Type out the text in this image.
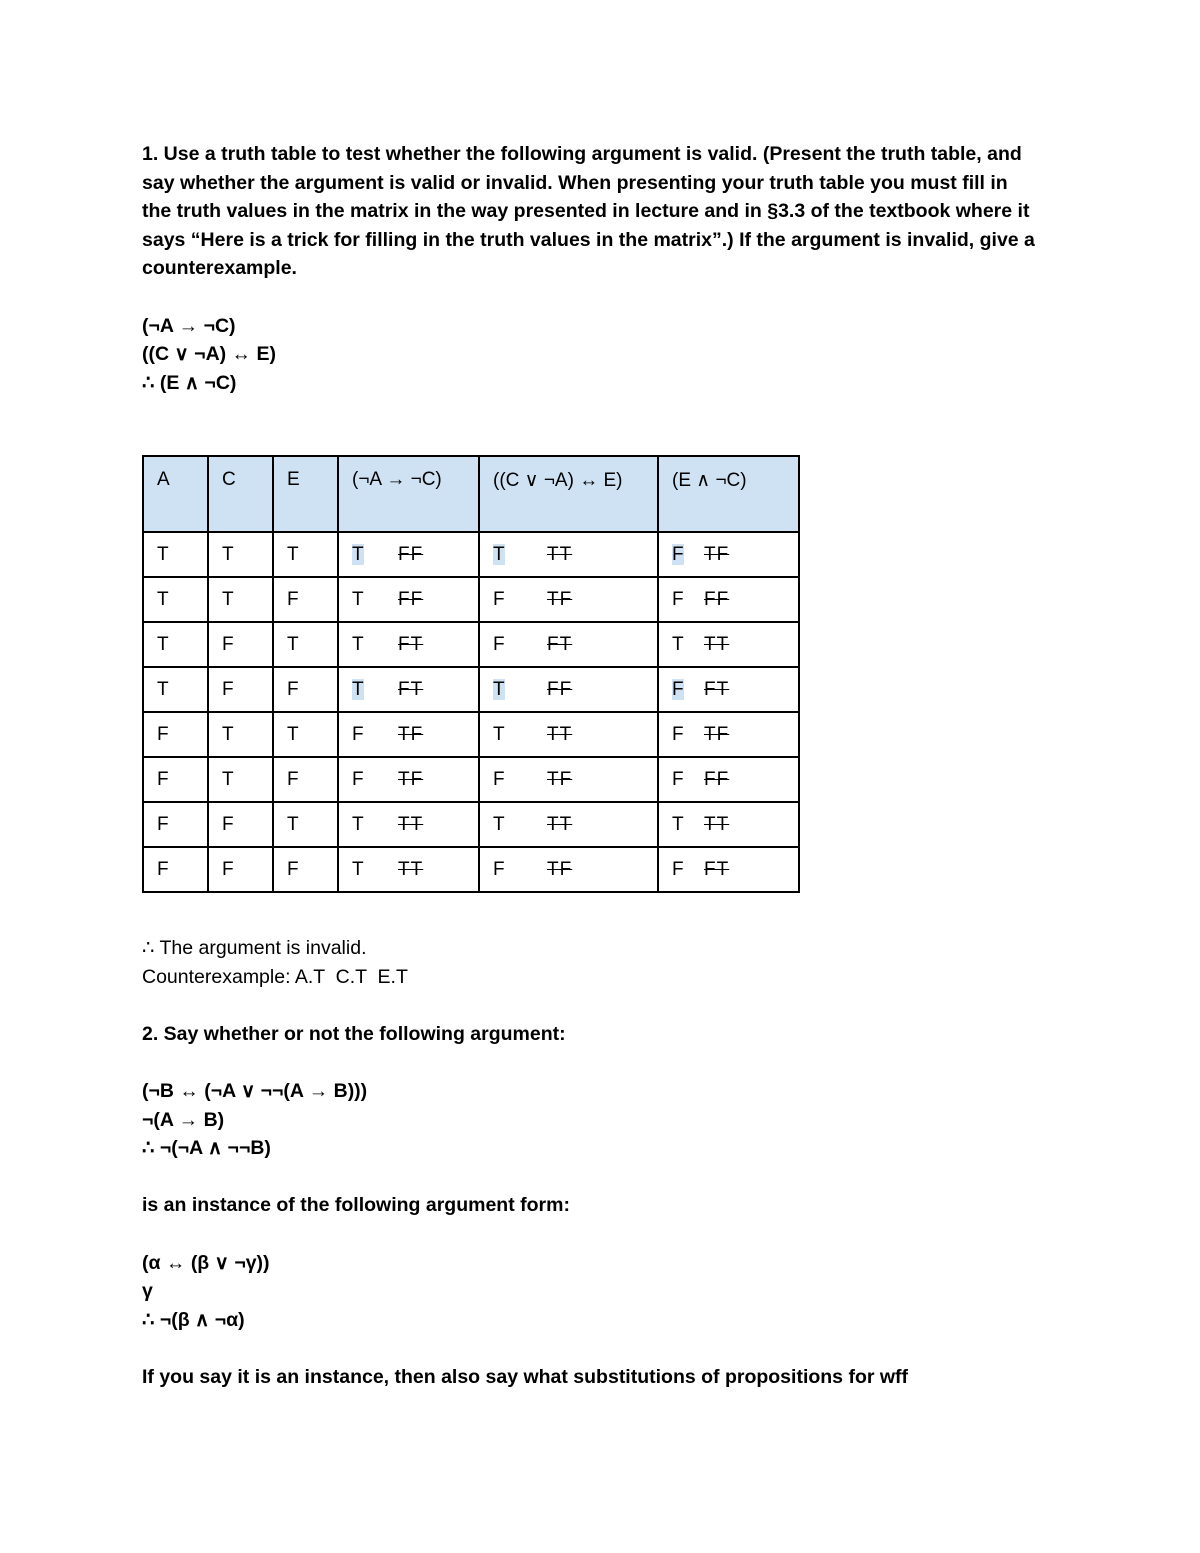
1. Use a truth table to test whether the following argument is valid. (Present the truth table, and say whether the argument is valid or invalid. When presenting your truth table you must fill in the truth values in the matrix in the way presented in lecture and in §3.3 of the textbook where it says “Here is a trick for filling in the truth values in the matrix”.) If the argument is invalid, give a counterexample.

(¬A → ¬C)

((C ∨ ¬A) ↔ E)

∴ (E ∧ ¬C)

A	C	E	(¬A → ¬C)	((C ∨ ¬A) ↔ E)	(E ∧ ¬C)
T	T	T	T FF	T TT	F TF
T	T	F	T FF	F TF	F FF
T	F	T	T FT	F FT	T TT
T	F	F	T FT	T FF	F FT
F	T	T	F TF	T TT	F TF
F	T	F	F TF	F TF	F FF
F	F	T	T TT	T TT	T TT
F	F	F	T TT	F TF	F FT

∴ The argument is invalid.

Counterexample: A.T  C.T  E.T

2. Say whether or not the following argument:

(¬B ↔ (¬A ∨ ¬¬(A → B)))

¬(A → B)

∴ ¬(¬A ∧ ¬¬B)

is an instance of the following argument form:

(α ↔ (β ∨ ¬γ))

γ

∴ ¬(β ∧ ¬α)

If you say it is an instance, then also say what substitutions of propositions for wff
